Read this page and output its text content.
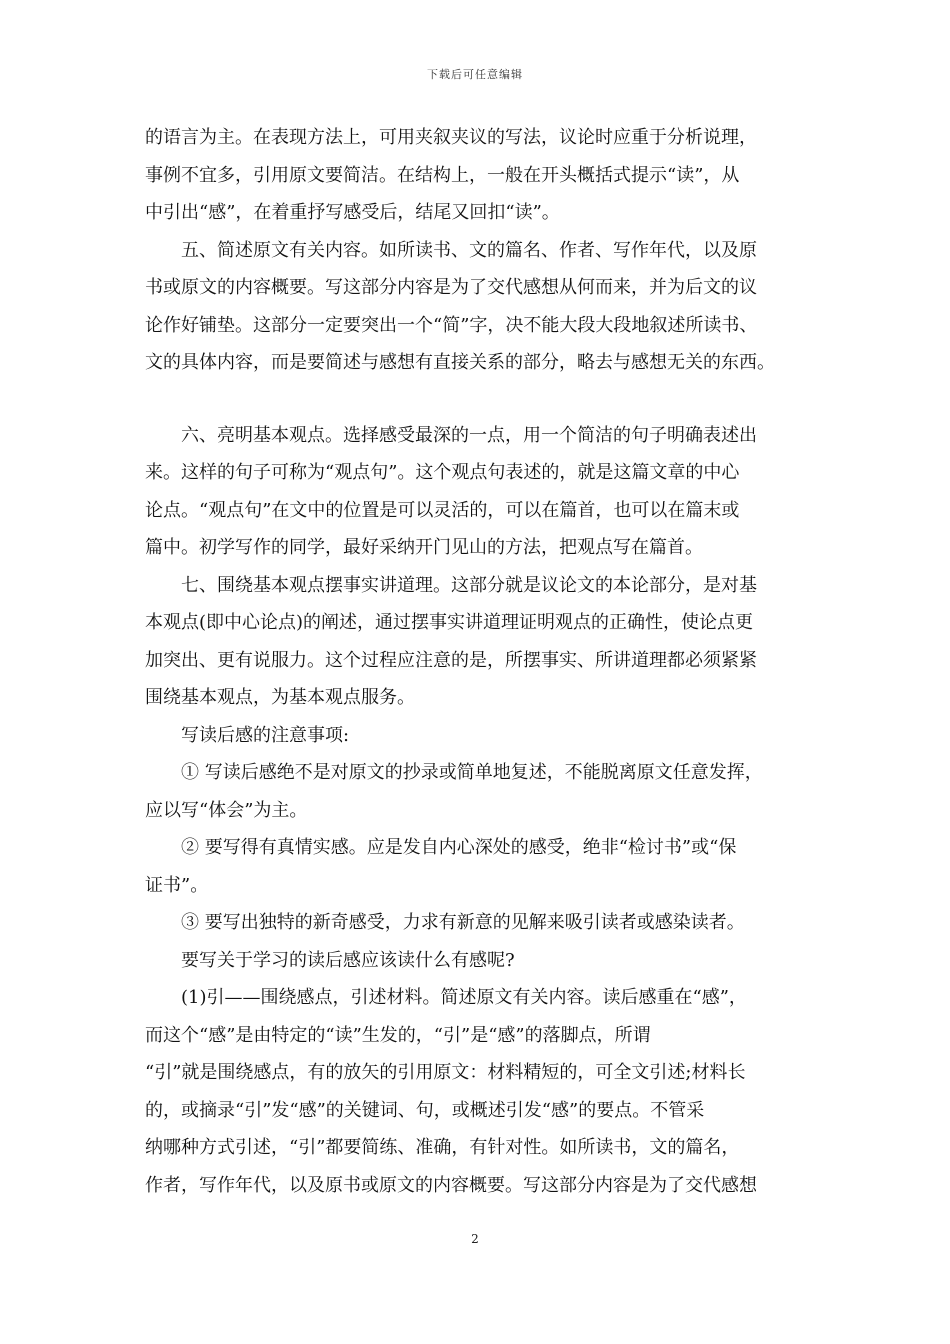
下载后可任意编辑

的语言为主。在表现方法上，可用夹叙夹议的写法，议论时应重于分析说理，
事例不宜多，引用原文要简洁。在结构上，一般在开头概括式提示“读”，从
中引出“感”，在着重抒写感受后，结尾又回扣“读”。

五、简述原文有关内容。如所读书、文的篇名、作者、写作年代，以及原
书或原文的内容概要。写这部分内容是为了交代感想从何而来，并为后文的议
论作好铺垫。这部分一定要突出一个“简”字，决不能大段大段地叙述所读书、
文的具体内容，而是要简述与感想有直接关系的部分，略去与感想无关的东西。

六、亮明基本观点。选择感受最深的一点，用一个简洁的句子明确表述出
来。这样的句子可称为“观点句”。这个观点句表述的，就是这篇文章的中心
论点。“观点句”在文中的位置是可以灵活的，可以在篇首，也可以在篇末或
篇中。初学写作的同学，最好采纳开门见山的方法，把观点写在篇首。

七、围绕基本观点摆事实讲道理。这部分就是议论文的本论部分，是对基
本观点(即中心论点)的阐述，通过摆事实讲道理证明观点的正确性，使论点更
加突出、更有说服力。这个过程应注意的是，所摆事实、所讲道理都必须紧紧
围绕基本观点，为基本观点服务。

写读后感的注意事项:

① 写读后感绝不是对原文的抄录或简单地复述，不能脱离原文任意发挥，
应以写“体会”为主。

② 要写得有真情实感。应是发自内心深处的感受，绝非“检讨书”或“保
证书”。

③ 要写出独特的新奇感受，力求有新意的见解来吸引读者或感染读者。

要写关于学习的读后感应该读什么有感呢?

(1)引——围绕感点，引述材料。简述原文有关内容。读后感重在“感”，
而这个“感”是由特定的“读”生发的，“引”是“感”的落脚点，所谓
“引”就是围绕感点，有的放矢的引用原文：材料精短的，可全文引述;材料长
的，或摘录“引”发“感”的关键词、句，或概述引发“感”的要点。不管采
纳哪种方式引述，“引”都要简练、准确，有针对性。如所读书，文的篇名，
作者，写作年代，以及原书或原文的内容概要。写这部分内容是为了交代感想

2
